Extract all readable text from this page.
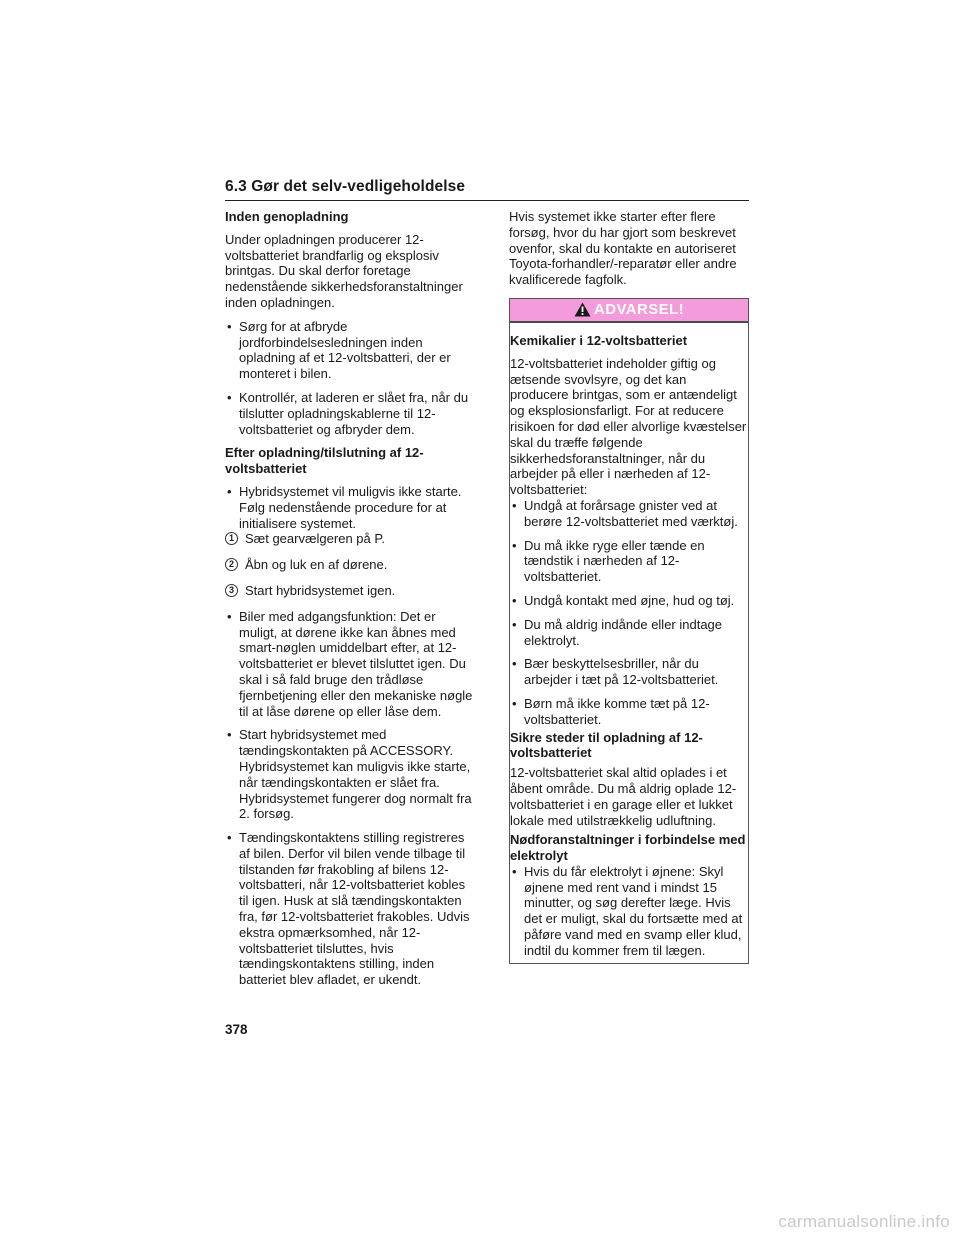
6.3 Gør det selv-vedligeholdelse
Inden genopladning

Under opladningen producerer 12-voltsbatteriet brandfarlig og eksplosiv brintgas. Du skal derfor foretage nedenstående sikkerhedsforanstaltninger inden opladningen.

• Sørg for at afbryde jordforbindelsesledningen inden opladning af et 12-voltsbatteri, der er monteret i bilen.
• Kontrollér, at laderen er slået fra, når du tilslutter opladningskablerne til 12-voltsbatteriet og afbryder dem.
Efter opladning/tilslutning af 12-voltsbatteriet
• Hybridsystemet vil muligvis ikke starte. Følg nedenstående procedure for at initialisere systemet.
1 Sæt gearvælgeren på P.
2 Åbn og luk en af dørene.
3 Start hybridsystemet igen.
• Biler med adgangsfunktion: Det er muligt, at dørene ikke kan åbnes med smart-nøglen umiddelbart efter, at 12-voltsbatteriet er blevet tilsluttet igen. Du skal i så fald bruge den trådløse fjernbetjening eller den mekaniske nøgle til at låse dørene op eller låse dem.
• Start hybridsystemet med tændingskontakten på ACCESSORY. Hybridsystemet kan muligvis ikke starte, når tændingskontakten er slået fra. Hybridsystemet fungerer dog normalt fra 2. forsøg.
• Tændingskontaktens stilling registreres af bilen. Derfor vil bilen vende tilbage til tilstanden før frakobling af bilens 12-voltsbatteri, når 12-voltsbatteriet kobles til igen. Husk at slå tændingskontakten fra, før 12-voltsbatteriet frakobles. Udvis ekstra opmærksomhed, når 12-voltsbatteriet tilsluttes, hvis tændingskontaktens stilling, inden batteriet blev afladet, er ukendt.

Hvis systemet ikke starter efter flere forsøg, hvor du har gjort som beskrevet ovenfor, skal du kontakte en autoriseret Toyota-forhandler/-reparatør eller andre kvalificerede fagfolk.

ADVARSEL!
Kemikalier i 12-voltsbatteriet

12-voltsbatteriet indeholder giftig og ætsende svovlsyre, og det kan producere brintgas, som er antændeligt og eksplosionsfarligt. For at reducere risikoen for død eller alvorlige kvæstelser skal du træffe følgende sikkerhedsforanstaltninger, når du arbejder på eller i nærheden af 12-voltsbatteriet:

• Undgå at forårsage gnister ved at berøre 12-voltsbatteriet med værktøj.
• Du må ikke ryge eller tænde en tændstik i nærheden af 12-voltsbatteriet.
• Undgå kontakt med øjne, hud og tøj.
• Du må aldrig indånde eller indtage elektrolyt.
• Bær beskyttelsesbriller, når du arbejder i tæt på 12-voltsbatteriet.
• Børn må ikke komme tæt på 12-voltsbatteriet.
Sikre steder til opladning af 12-voltsbatteriet

12-voltsbatteriet skal altid oplades i et åbent område. Du må aldrig oplade 12-voltsbatteriet i en garage eller et lukket lokale med utilstrækkelig udluftning.

Nødforanstaltninger i forbindelse med elektrolyt
• Hvis du får elektrolyt i øjnene: Skyl øjnene med rent vand i mindst 15 minutter, og søg derefter læge. Hvis det er muligt, skal du fortsætte med at påføre vand med en svamp eller klud, indtil du kommer frem til lægen.
378
carmanualsonline.info
